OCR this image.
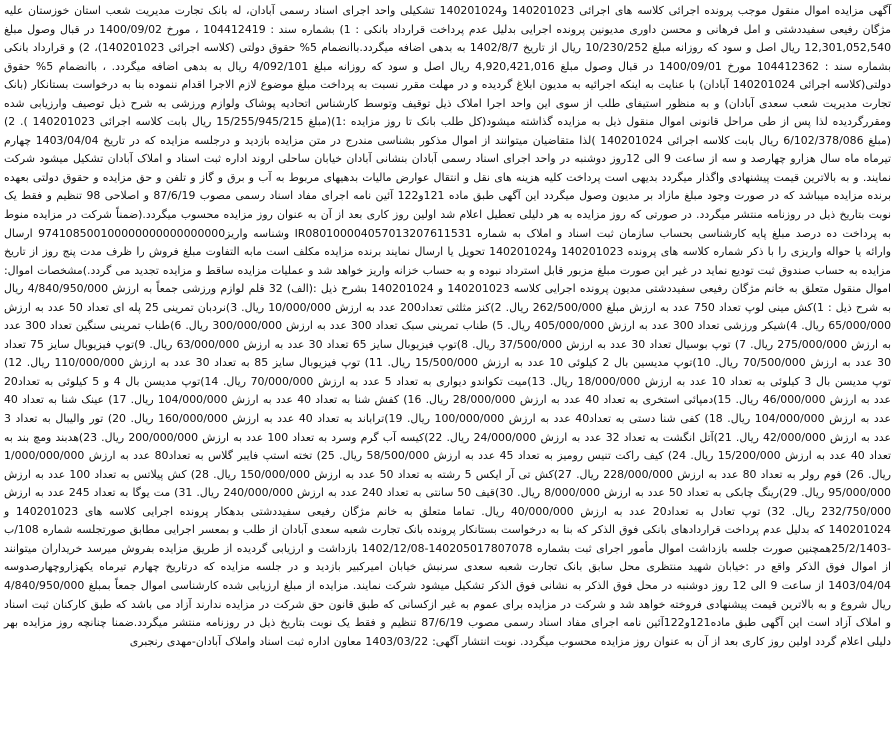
آگهی مزایده اموال منقول موجب پرونده اجرائی کلاسه های اجرائی 140201023 و140201024 تشکیلی واحد اجرای اسناد رسمی آبادان، له بانک تجارت مدیریت شعب استان خوزستان علیه مژگان رفیعی سفیددشتی و امل فرهانی و محسن داوری مدیونین پرونده اجرایی بدلیل عدم پرداخت قرارداد بانکی : 1) بشماره سند : 104412419 ، مورخ 1400/09/02 در قبال وصول مبلغ 12,301,052,540 ریال اصل و سود که روزانه مبلغ 10/230/252 ریال از تاریخ 1402/8/7 به بدهی اضافه میگردد.باانضمام 5% حقوق دولتی (کلاسه اجرائی 140201023)، 2) و قرارداد بانکی بشماره سند : 104412362 مورخ 1400/09/01 در قبال وصول مبلغ 4,920,421,016 ریال اصل و سود که روزانه مبلغ 4/092/101 ریال به بدهی اضافه میگردد. ، باانضمام 5% حقوق دولتی(کلاسه اجرائی 140201024 آبادان) با عنایت به اینکه اجرائیه به مدیون ابلاغ گردیده و در مهلت مقرر نسبت به پرداخت مبلغ موضوع لازم الاجرا اقدام ننموده بنا به درخواست بستانکار (بانک تجارت مدیریت شعب سعدی آبادان) و به منظور استیفای طلب از سوی این واحد اجرا املاک ذیل توقیف وتوسط کارشناس اتحادیه پوشاک ولوازم ورزشی به شرح ذیل توصیف وارزیابی شده ومقررگردیده لذا پس از طی مراحل قانونی اموال منقول ذیل به مزایده گذاشته میشود(کل طلب بانک تا روز مزایده :1)(مبلغ 15/255/945/215 ریال بابت کلاسه اجرائی 140201023 ). 2) (مبلغ 6/102/378/086 ریال بابت کلاسه اجرائی 140201024 )لذا متقاضیان میتوانند از اموال مذکور بشناسی مندرج در متن مزایده بازدید و درجلسه مزایده که در تاریخ 1403/04/04 چهارم تیرماه ماه سال هزارو چهارصد و سه از ساعت 9 الی 12روز دوشنبه در واحد اجرای اسناد رسمی آبادان بنشانی آبادان خیابان ساحلی اروند اداره ثبت اسناد و املاک آبادان تشکیل میشود شرکت نمایند. و به بالاترین قیمت پیشنهادی واگذار میگردد بدیهی است پرداخت کلیه هزینه های نقل و انتقال عوارض مالیات بدهیهای مربوط به آب و برق و گاز و تلفن و حق مزایده و حقوق دولتی بعهده برنده مزایده میباشد که در صورت وجود مبلغ مازاد بر مدیون وصول میگردد این آگهی طبق ماده 121و122 آئین نامه اجرای مفاد اسناد رسمی مصوب 87/6/19 و اصلاحی 98 تنظیم و فقط یک نوبت بتاریخ ذیل در روزنامه منتشر میگردد. در صورتی که روز مزایده به هر دلیلی تعطیل اعلام شد اولین روز کاری بعد از آن به عنوان روز مزایده محسوب میگردد.(ضمناً شرکت در مزایده منوط به پرداخت ده درصد مبلغ پایه کارشناسی بحساب سازمان ثبت اسناد و املاک به شماره IR080100004057013207611531 وشناسه واریز974108500100000000000000000 ارسال وارائه یا حواله واریزی را با ذکر شماره کلاسه های پرونده 140201023 و140201024 تحویل یا ارسال نمایند برنده مزایده مکلف است مابه التفاوت مبلغ فروش را ظرف مدت پنج روز از تاریخ مزایده به حساب صندوق ثبت تودیع نماید در غیر این صورت مبلغ مزبور قابل استرداد نبوده و به حساب خزانه واریز خواهد شد و عملیات مزایده ساقط و مزایده تجدید می گردد.)مشخصات اموال: اموال منقول متعلق به خانم مژگان رفیعی سفیددشتی مدیون پرونده اجرایی کلاسه 140201023 و 140201024 بشرح ذیل :(الف) 32 قلم لوازم ورزشی جمعاً به ارزش 4/840/950/000 ریال به شرح ذیل : 1)کش مینی لوپ تعداد 750 عدد به ارزش مبلغ 262/500/000 ریال. 2)کنز مثلثی تعداد200 عدد به ارزش 10/000/000 ریال. 3)نردبان تمرینی 25 پله ای تعداد 50 عدد به ارزش 65/000/000 ریال. 4)شیکر ورزشی تعداد 300 عدد به ارزش 405/000/000 ریال. 5) طناب تمرینی سبک تعداد 300 عدد به ارزش 300/000/000 ریال. 6)طناب تمرینی سنگین تعداد 300 عدد به ارزش 275/000/000 ریال. 7) توپ بوسیال تعداد 30 عدد به ارزش 37/500/000 ریال. 8)توپ فیزیوبال سایز 65 تعداد 30 عدد به ارزش 63/000/000 ریال. 9)توپ فیزیوبال سایز 75 تعداد 30 عدد به ارزش 70/500/000 ریال. 10)توپ مدیسین بال 2 کیلوئی 10 عدد به ارزش 15/500/000 ریال. 11) توپ فیزیوبال سایز 85 به تعداد 30 عدد به ارزش 110/000/000 ریال. 12) توپ مدیسن بال 3 کیلوئی به تعداد 10 عدد به ارزش 18/000/000 ریال. 13)میت تکواندو دیواری به تعداد 5 عدد به ارزش 70/000/000 ریال. 14)توپ مدیسن بال 4 و 5 کیلوئی به تعداد20 عدد به ارزش 46/000/000 ریال. 15)دمپائی استخری به تعداد 40 عدد به ارزش 28/000/000 ریال. 16) کفش شنا به تعداد 40 عدد به ارزش 104/000/000 ریال. 17) عینک شنا به تعداد 40 عدد به ارزش 104/000/000 ریال. 18) کفی شنا دستی به تعداد40 عدد به ارزش 100/000/000 ریال. 19)تراباند به تعداد 40 عدد به ارزش 160/000/000 ریال. 20) تور والیبال به تعداد 3 عدد به ارزش 42/000/000 ریال. 21)آتل انگشت به تعداد 32 عدد به ارزش 24/000/000 ریال. 22)کیسه آب گرم وسرد به تعداد 100 عدد به ارزش 200/000/000 ریال. 23)هدبند ومچ بند به تعداد 40 عدد به ارزش 15/200/000 ریال. 24) کیف راکت تنیس رومیز به تعداد 45 عدد به ارزش 58/500/000 ریال. 25) تخته استپ فایبر گلاس به تعداد80 عدد به ارزش 1/000/000/000 ریال. 26) فوم رولر به تعداد 80 عدد به ارزش 228/000/000 ریال. 27)کش تی آر ایکس 5 رشته به تعداد 50 عدد به ارزش 150/000/000 ریال. 28) کش پیلاتس به تعداد 100 عدد به ارزش 95/000/000 ریال. 29)رینگ چابکی به تعداد 50 عدد به ارزش 8/000/000 ریال. 30)قیف 50 سانتی به تعداد 240 عدد به ارزش 240/000/000 ریال. 31) مت یوگا به تعداد 245 عدد به ارزش 232/750/000 ریال. 32) توپ تعادل به تعداد20 عدد به ارزش 40/000/000 ریال. تماما متعلق به خانم مژگان رفیعی سفیددشتی بدهکار پرونده اجرایی کلاسه های 140201023 و 140201024 که بدلیل عدم پرداخت قراردادهای بانکی فوق الذکر که بنا به درخواست بستانکار پرونده بانک تجارت شعبه سعدی آبادان از طلب و بمعسر اجرایی مطابق صورتجلسه شماره 108/ب -25/2/1403همچنین صورت جلسه بازداشت اموال مأمور اجرای ثبت بشماره 140205017807078-1402/12/08 بازداشت و ارزیابی گردیده از طریق مزایده بفروش میرسد خریداران میتوانند از اموال فوق الذکر واقع در :خیابان شهید منتظری محل سابق بانک تجارت شعبه سعدی سرنبش خیابان امیرکبیر بازدید و در جلسه مزایده که درتاریخ چهارم تیرماه یکهزاروچهارصدوسه 1403/04/04 از ساعت 9 الی 12 روز دوشنبه در محل فوق الذکر به نشانی فوق الذکر تشکیل میشود شرکت نمایند. مزایده از مبلغ ارزیابی شده کارشناسی اموال جمعاً بمبلغ 4/840/950/000 ریال شروع و به بالاترین قیمت پیشنهادی فروخته خواهد شد و شرکت در مزایده برای عموم به غیر ازکسانی که طبق قانون حق شرکت در مزایده ندارند آزاد می باشد که طبق کارکنان ثبت اسناد و املاک آزاد است این آگهی طبق ماده121و122آئین نامه اجرای مفاد اسناد رسمی مصوب 87/6/19 تنظیم و فقط یک نوبت بتاریخ ذیل در روزنامه منتشر میگردد.ضمنا چنانچه روز مزایده بهر دلیلی اعلام گردد اولین روز کاری بعد از آن به عنوان روز مزایده محسوب میگردد. نوبت انتشار آگهی: 1403/03/22 معاون اداره ثبت اسناد واملاک آبادان-مهدی رنجبری
